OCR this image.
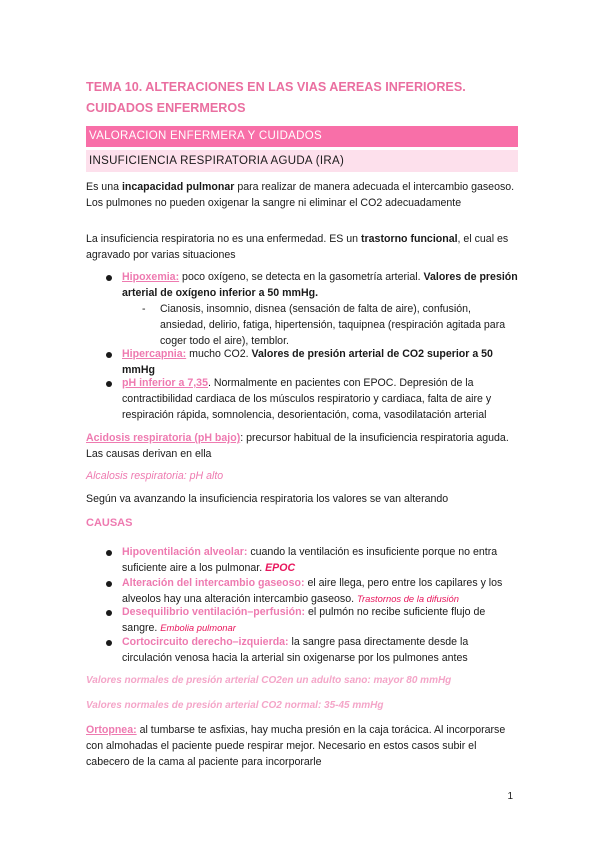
TEMA 10. ALTERACIONES EN LAS VIAS AEREAS INFERIORES.
CUIDADOS ENFERMEROS
VALORACION ENFERMERA Y CUIDADOS
INSUFICIENCIA RESPIRATORIA AGUDA (IRA)

Es una incapacidad pulmonar para realizar de manera adecuada el intercambio gaseoso. Los pulmones no pueden oxigenar la sangre ni eliminar el CO2 adecuadamente

La insuficiencia respiratoria no es una enfermedad. ES un trastorno funcional, el cual es agravado por varias situaciones

Hipoxemia: poco oxígeno, se detecta en la gasometría arterial. Valores de presión arterial de oxígeno inferior a 50 mmHg.

- Cianosis, insomnio, disnea (sensación de falta de aire), confusión, ansiedad, delirio, fatiga, hipertensión, taquipnea (respiración agitada para coger todo el aire), temblor.

Hipercapnia: mucho CO2. Valores de presión arterial de CO2 superior a 50 mmHg

pH inferior a 7,35. Normalmente en pacientes con EPOC. Depresión de la contractibilidad cardiaca de los músculos respiratorio y cardiaca, falta de aire y respiración rápida, somnolencia, desorientación, coma, vasodilatación arterial

Acidosis respiratoria (pH bajo): precursor habitual de la insuficiencia respiratoria aguda. Las causas derivan en ella

Alcalosis respiratoria: pH alto

Según va avanzando la insuficiencia respiratoria los valores se van alterando

CAUSAS

Hipoventilación alveolar: cuando la ventilación es insuficiente porque no entra suficiente aire a los pulmonar. EPOC

Alteración del intercambio gaseoso: el aire llega, pero entre los capilares y los alveolos hay una alteración intercambio gaseoso. Trastornos de la difusión

Desequilibrio ventilación–perfusión: el pulmón no recibe suficiente flujo de sangre. Embolia pulmonar

Cortocircuito derecho–izquierda: la sangre pasa directamente desde la circulación venosa hacia la arterial sin oxigenarse por los pulmones antes

Valores normales de presión arterial CO2en un adulto sano: mayor 80 mmHg

Valores normales de presión arterial CO2 normal: 35-45 mmHg

Ortopnea: al tumbarse te asfixias, hay mucha presión en la caja torácica. Al incorporarse con almohadas el paciente puede respirar mejor. Necesario en estos casos subir el cabecero de la cama al paciente para incorporarle

1
